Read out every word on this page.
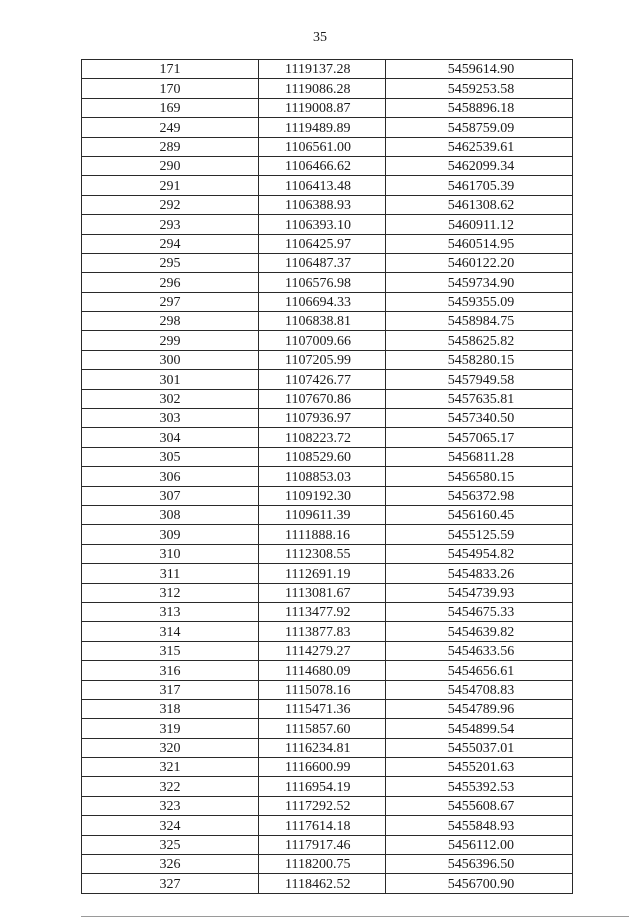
35
171	1119137.28	5459614.90
170	1119086.28	5459253.58
169	1119008.87	5458896.18
249	1119489.89	5458759.09
289	1106561.00	5462539.61
290	1106466.62	5462099.34
291	1106413.48	5461705.39
292	1106388.93	5461308.62
293	1106393.10	5460911.12
294	1106425.97	5460514.95
295	1106487.37	5460122.20
296	1106576.98	5459734.90
297	1106694.33	5459355.09
298	1106838.81	5458984.75
299	1107009.66	5458625.82
300	1107205.99	5458280.15
301	1107426.77	5457949.58
302	1107670.86	5457635.81
303	1107936.97	5457340.50
304	1108223.72	5457065.17
305	1108529.60	5456811.28
306	1108853.03	5456580.15
307	1109192.30	5456372.98
308	1109611.39	5456160.45
309	1111888.16	5455125.59
310	1112308.55	5454954.82
311	1112691.19	5454833.26
312	1113081.67	5454739.93
313	1113477.92	5454675.33
314	1113877.83	5454639.82
315	1114279.27	5454633.56
316	1114680.09	5454656.61
317	1115078.16	5454708.83
318	1115471.36	5454789.96
319	1115857.60	5454899.54
320	1116234.81	5455037.01
321	1116600.99	5455201.63
322	1116954.19	5455392.53
323	1117292.52	5455608.67
324	1117614.18	5455848.93
325	1117917.46	5456112.00
326	1118200.75	5456396.50
327	1118462.52	5456700.90
